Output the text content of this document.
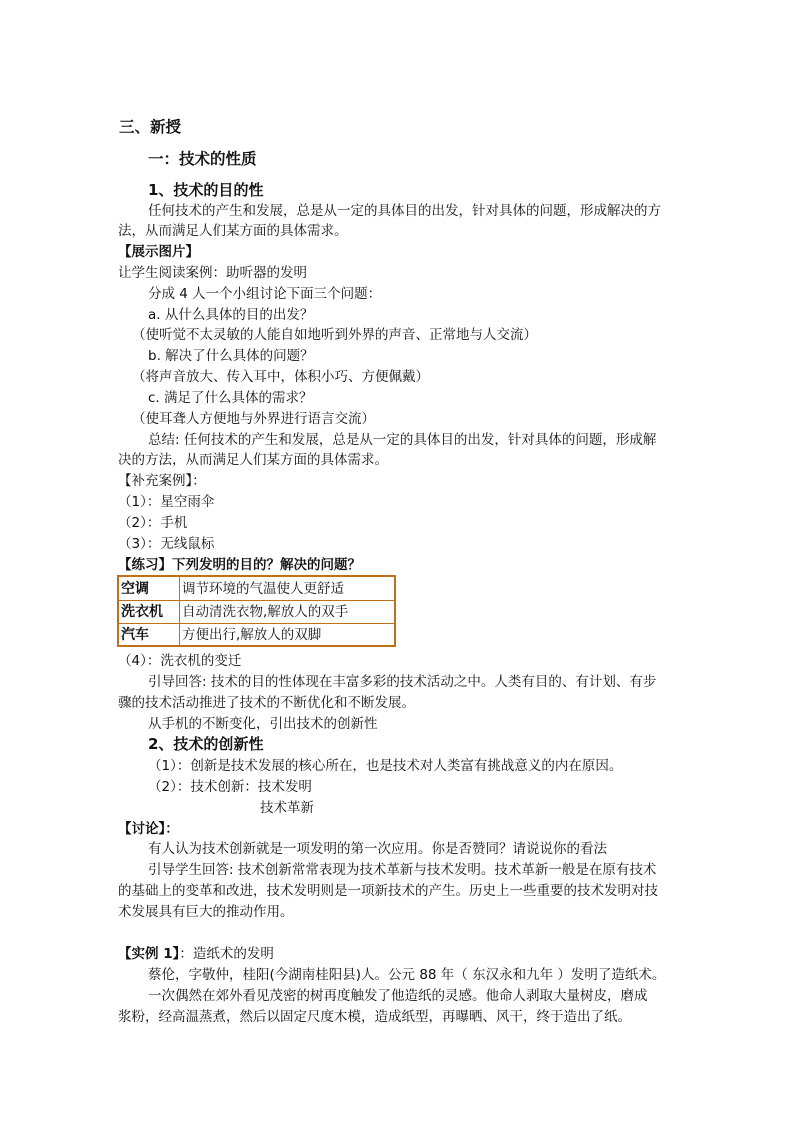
三、新授
一：技术的性质
1、技术的目的性
任何技术的产生和发展，总是从一定的具体目的出发，针对具体的问题，形成解决的方
法，从而满足人们某方面的具体需求。
【展示图片】
让学生阅读案例：助听器的发明
分成 4 人一个小组讨论下面三个问题：
a. 从什么具体的目的出发？
（使听觉不太灵敏的人能自如地听到外界的声音、正常地与人交流）
b. 解决了什么具体的问题？
（将声音放大、传入耳中，体积小巧、方便佩戴）
c. 满足了什么具体的需求？
（使耳聋人方便地与外界进行语言交流）
总结: 任何技术的产生和发展，总是从一定的具体目的出发，针对具体的问题，形成解
决的方法，从而满足人们某方面的具体需求。
【补充案例】：
（1）：星空雨伞
（2）：手机
（3）：无线鼠标
【练习】下列发明的目的？解决的问题？
空调	调节环境的气温使人更舒适
洗衣机	自动清洗衣物,解放人的双手
汽车	方便出行,解放人的双脚
（4）：洗衣机的变迁
引导回答: 技术的目的性体现在丰富多彩的技术活动之中。人类有目的、有计划、有步
骤的技术活动推进了技术的不断优化和不断发展。
从手机的不断变化，引出技术的创新性
2、技术的创新性
（1）：创新是技术发展的核心所在，也是技术对人类富有挑战意义的内在原因。
（2）：技术创新：技术发明
技术革新
【讨论】：
有人认为技术创新就是一项发明的第一次应用。你是否赞同？请说说你的看法
引导学生回答: 技术创新常常表现为技术革新与技术发明。技术革新一般是在原有技术
的基础上的变革和改进，技术发明则是一项新技术的产生。历史上一些重要的技术发明对技
术发展具有巨大的推动作用。
【实例 1】：造纸术的发明
蔡伦，字敬仲，桂阳(今湖南桂阳县)人。公元 88 年（ 东汉永和九年 ）发明了造纸术。
一次偶然在郊外看见茂密的树再度触发了他造纸的灵感。他命人剥取大量树皮，磨成
浆粉，经高温蒸煮，然后以固定尺度木模，造成纸型，再曝晒、风干，终于造出了纸。
